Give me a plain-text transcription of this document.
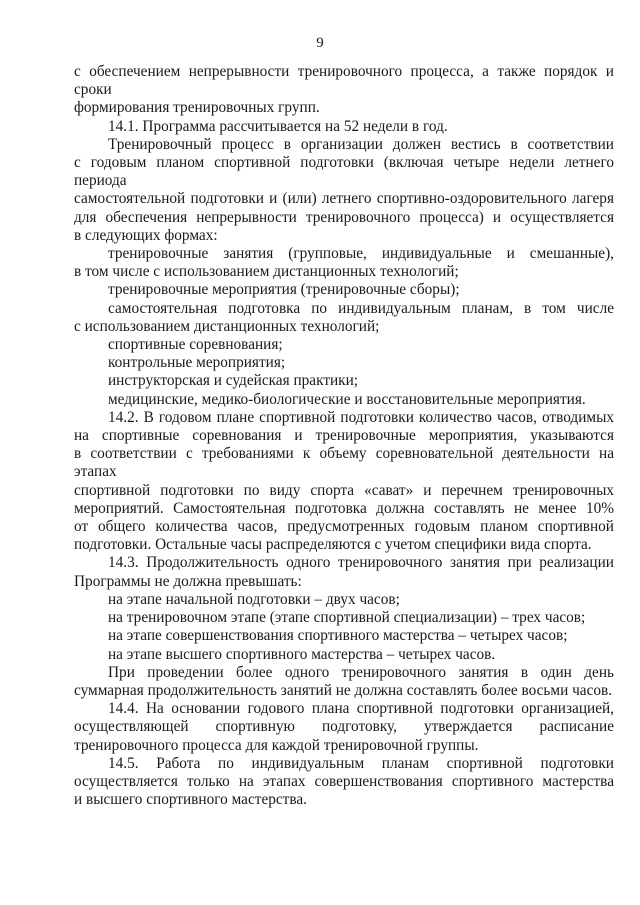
9

с обеспечением непрерывности тренировочного процесса, а также порядок и сроки

формирования тренировочных групп.

14.1. Программа рассчитывается на 52 недели в год.

Тренировочный процесс в организации должен вестись в соответствии

с годовым планом спортивной подготовки (включая четыре недели летнего периода

самостоятельной подготовки и (или) летнего спортивно-оздоровительного лагеря

для обеспечения непрерывности тренировочного процесса) и осуществляется

в следующих формах:

тренировочные занятия (групповые, индивидуальные и смешанные),

в том числе с использованием дистанционных технологий;

тренировочные мероприятия (тренировочные сборы);

самостоятельная подготовка по индивидуальным планам, в том числе

с использованием дистанционных технологий;

спортивные соревнования;

контрольные мероприятия;

инструкторская и судейская практики;

медицинские, медико-биологические и восстановительные мероприятия.

14.2. В годовом плане спортивной подготовки количество часов, отводимых

на спортивные соревнования и тренировочные мероприятия, указываются

в соответствии с требованиями к объему соревновательной деятельности на этапах

спортивной подготовки по виду спорта «сават» и перечнем тренировочных

мероприятий. Самостоятельная подготовка должна составлять не менее 10%

от общего количества часов, предусмотренных годовым планом спортивной

подготовки. Остальные часы распределяются с учетом специфики вида спорта.

14.3. Продолжительность одного тренировочного занятия при реализации

Программы не должна превышать:

на этапе начальной подготовки – двух часов;

на тренировочном этапе (этапе спортивной специализации) – трех часов;

на этапе совершенствования спортивного мастерства – четырех часов;

на этапе высшего спортивного мастерства – четырех часов.

При проведении более одного тренировочного занятия в один день

суммарная продолжительность занятий не должна составлять более восьми часов.

14.4. На основании годового плана спортивной подготовки организацией,

осуществляющей спортивную подготовку, утверждается расписание

тренировочного процесса для каждой тренировочной группы.

14.5. Работа по индивидуальным планам спортивной подготовки

осуществляется только на этапах совершенствования спортивного мастерства

и высшего спортивного мастерства.
